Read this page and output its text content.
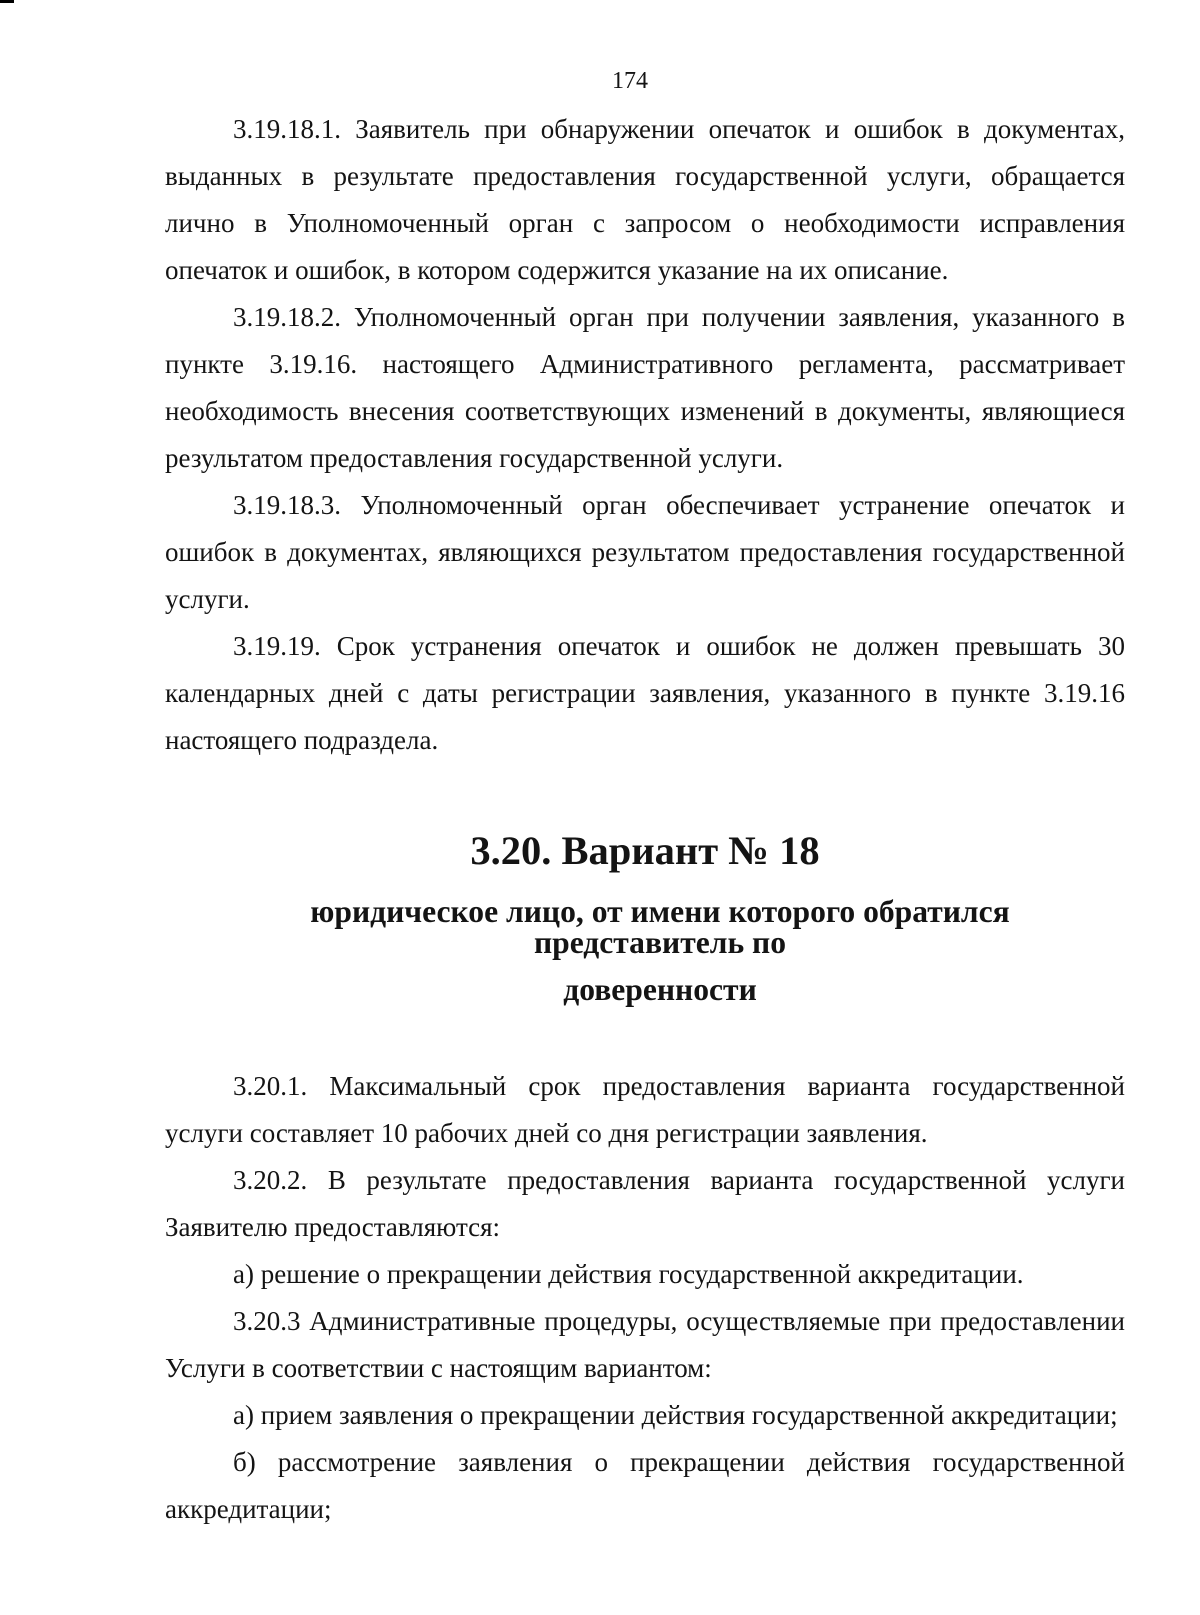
174

3.19.18.1. Заявитель при обнаружении опечаток и ошибок в документах, выданных в результате предоставления государственной услуги, обращается лично в Уполномоченный орган с запросом о необходимости исправления опечаток и ошибок, в котором содержится указание на их описание.

3.19.18.2. Уполномоченный орган при получении заявления, указанного в пункте 3.19.16. настоящего Административного регламента, рассматривает необходимость внесения соответствующих изменений в документы, являющиеся результатом предоставления государственной услуги.

3.19.18.3. Уполномоченный орган обеспечивает устранение опечаток и ошибок в документах, являющихся результатом предоставления государственной услуги.

3.19.19. Срок устранения опечаток и ошибок не должен превышать 30 календарных дней с даты регистрации заявления, указанного в пункте 3.19.16 настоящего подраздела.

3.20. Вариант № 18
юридическое лицо, от имени которого обратился представитель по
доверенности

3.20.1. Максимальный срок предоставления варианта государственной услуги составляет 10 рабочих дней со дня регистрации заявления.

3.20.2. В результате предоставления варианта государственной услуги Заявителю предоставляются:

а) решение о прекращении действия государственной аккредитации.

3.20.3 Административные процедуры, осуществляемые при предоставлении Услуги в соответствии с настоящим вариантом:

а) прием заявления о прекращении действия государственной аккредитации;

б) рассмотрение заявления о прекращении действия государственной аккредитации;
